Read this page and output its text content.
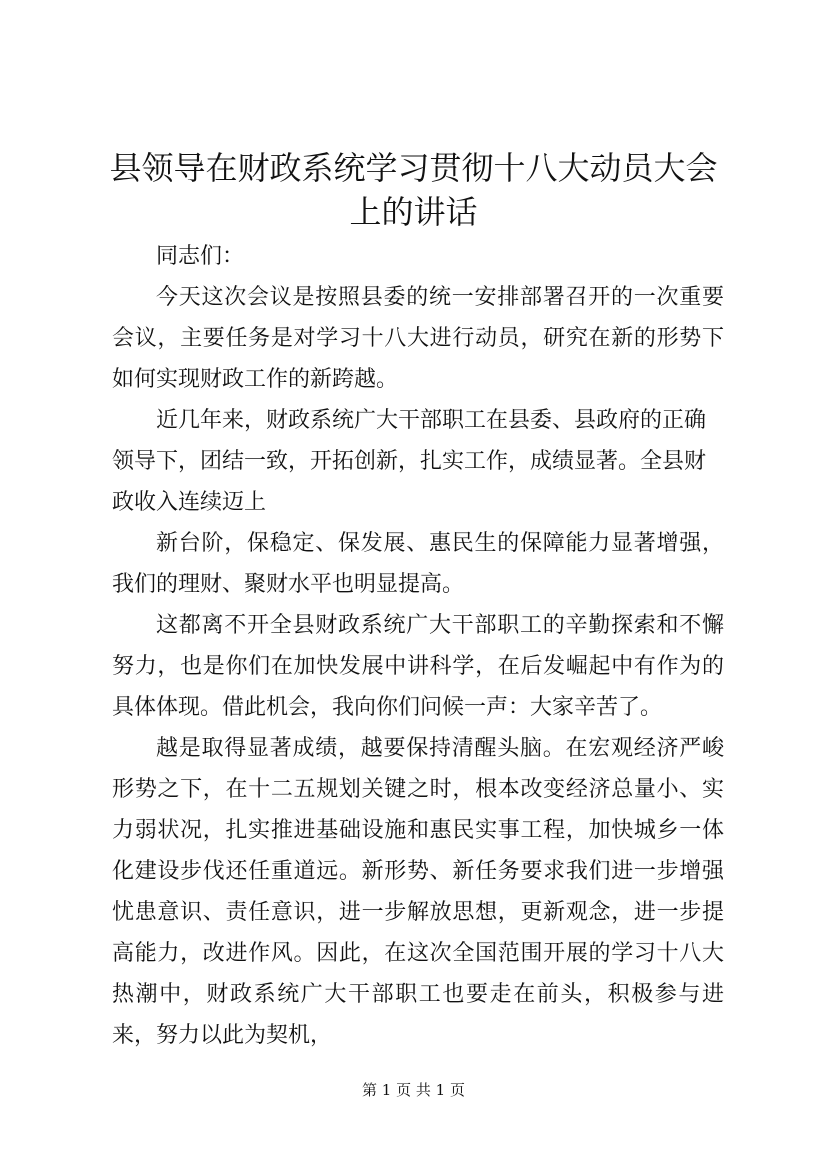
县领导在财政系统学习贯彻十八大动员大会上的讲话

同志们：

今天这次会议是按照县委的统一安排部署召开的一次重要会议，主要任务是对学习十八大进行动员，研究在新的形势下如何实现财政工作的新跨越。

近几年来，财政系统广大干部职工在县委、县政府的正确领导下，团结一致，开拓创新，扎实工作，成绩显著。全县财政收入连续迈上

新台阶，保稳定、保发展、惠民生的保障能力显著增强，我们的理财、聚财水平也明显提高。

这都离不开全县财政系统广大干部职工的辛勤探索和不懈努力，也是你们在加快发展中讲科学，在后发崛起中有作为的具体体现。借此机会，我向你们问候一声：大家辛苦了。

越是取得显著成绩，越要保持清醒头脑。在宏观经济严峻形势之下，在十二五规划关键之时，根本改变经济总量小、实力弱状况，扎实推进基础设施和惠民实事工程，加快城乡一体化建设步伐还任重道远。新形势、新任务要求我们进一步增强忧患意识、责任意识，进一步解放思想，更新观念，进一步提高能力，改进作风。因此，在这次全国范围开展的学习十八大热潮中，财政系统广大干部职工也要走在前头，积极参与进来，努力以此为契机，

第 1 页 共 1 页
